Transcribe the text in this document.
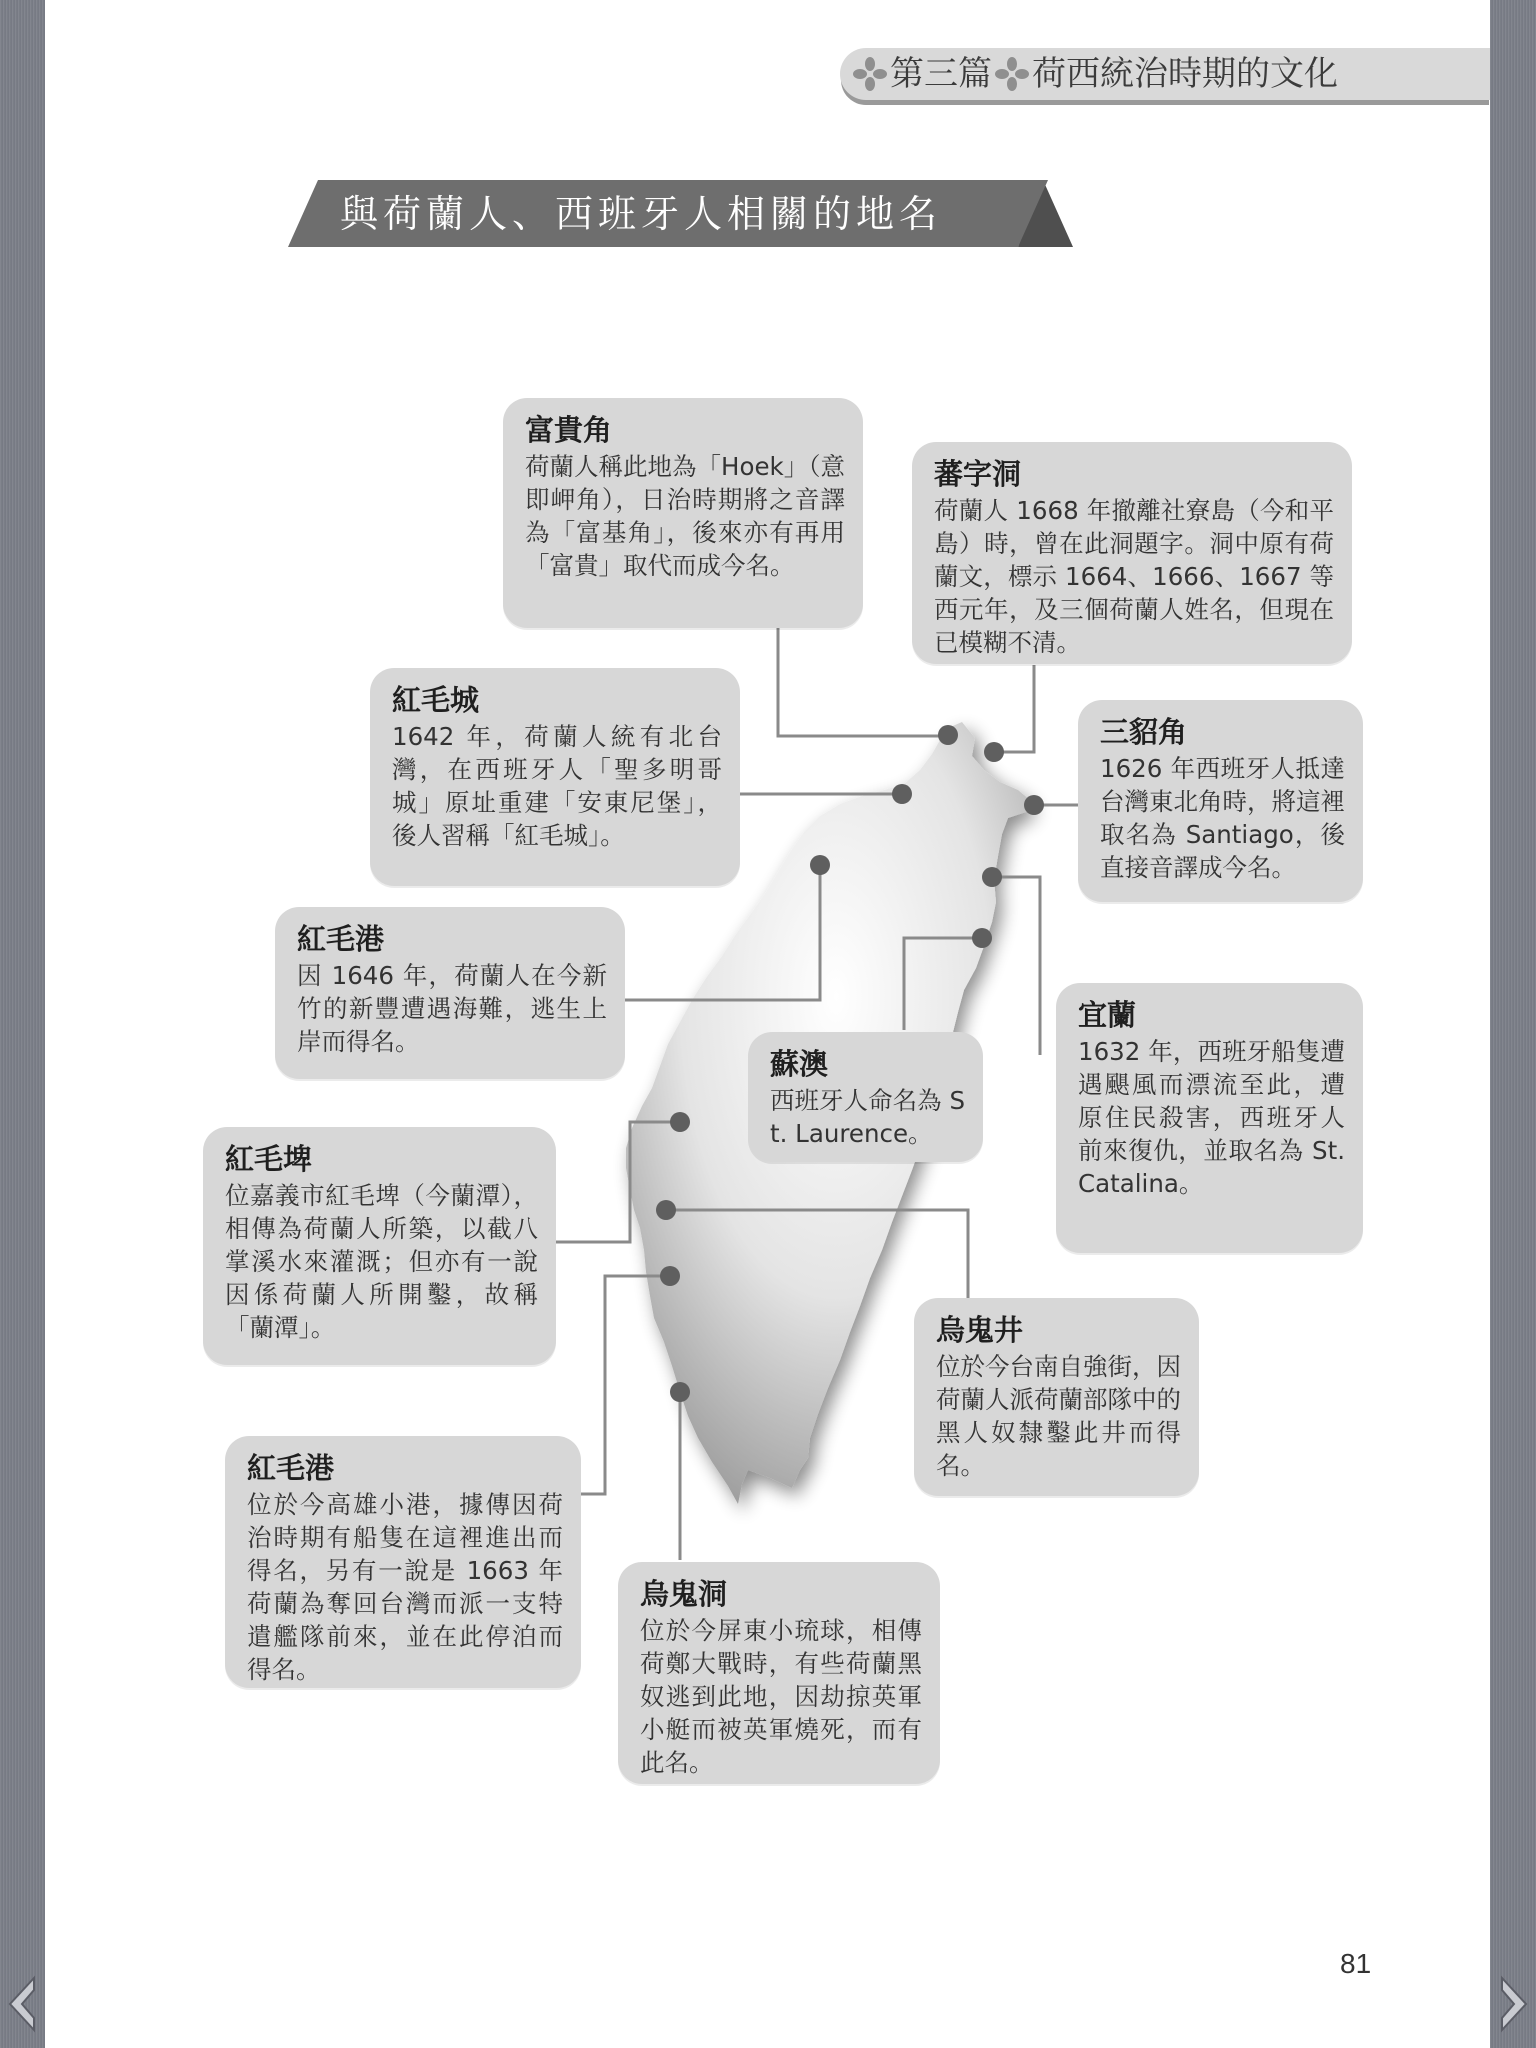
第三篇 荷西統治時期的文化
與荷蘭人、西班牙人相關的地名
富貴角
荷蘭人稱此地為「Hoek」（意即岬角），日治時期將之音譯為「富基角」，後來亦有再用「富貴」取代而成今名。
蕃字洞
荷蘭人 1668 年撤離社寮島（今和平島）時，曾在此洞題字。洞中原有荷蘭文，標示 1664、1666、1667 等西元年，及三個荷蘭人姓名，但現在已模糊不清。
紅毛城
1642 年，荷蘭人統有北台灣，在西班牙人「聖多明哥城」原址重建「安東尼堡」，後人習稱「紅毛城」。
三貂角
1626 年西班牙人抵達台灣東北角時，將這裡取名為 Santiago，後直接音譯成今名。
紅毛港
因 1646 年，荷蘭人在今新竹的新豐遭遇海難，逃生上岸而得名。
宜蘭
1632 年，西班牙船隻遭遇颶風而漂流至此，遭原住民殺害，西班牙人前來復仇，並取名為 St. Catalina。
蘇澳
西班牙人命名為 St. Laurence。
紅毛埤
位嘉義市紅毛埤（今蘭潭），相傳為荷蘭人所築，以截八掌溪水來灌溉；但亦有一說因係荷蘭人所開鑿，故稱「蘭潭」。	烏鬼井
位於今台南自強街，因荷蘭人派荷蘭部隊中的黑人奴隸鑿此井而得名。
紅毛港
位於今高雄小港，據傳因荷治時期有船隻在這裡進出而得名，另有一說是 1663 年荷蘭為奪回台灣而派一支特遣艦隊前來，並在此停泊而得名。
烏鬼洞
位於今屏東小琉球，相傳荷鄭大戰時，有些荷蘭黑奴逃到此地，因劫掠英軍小艇而被英軍燒死，而有此名。
81
